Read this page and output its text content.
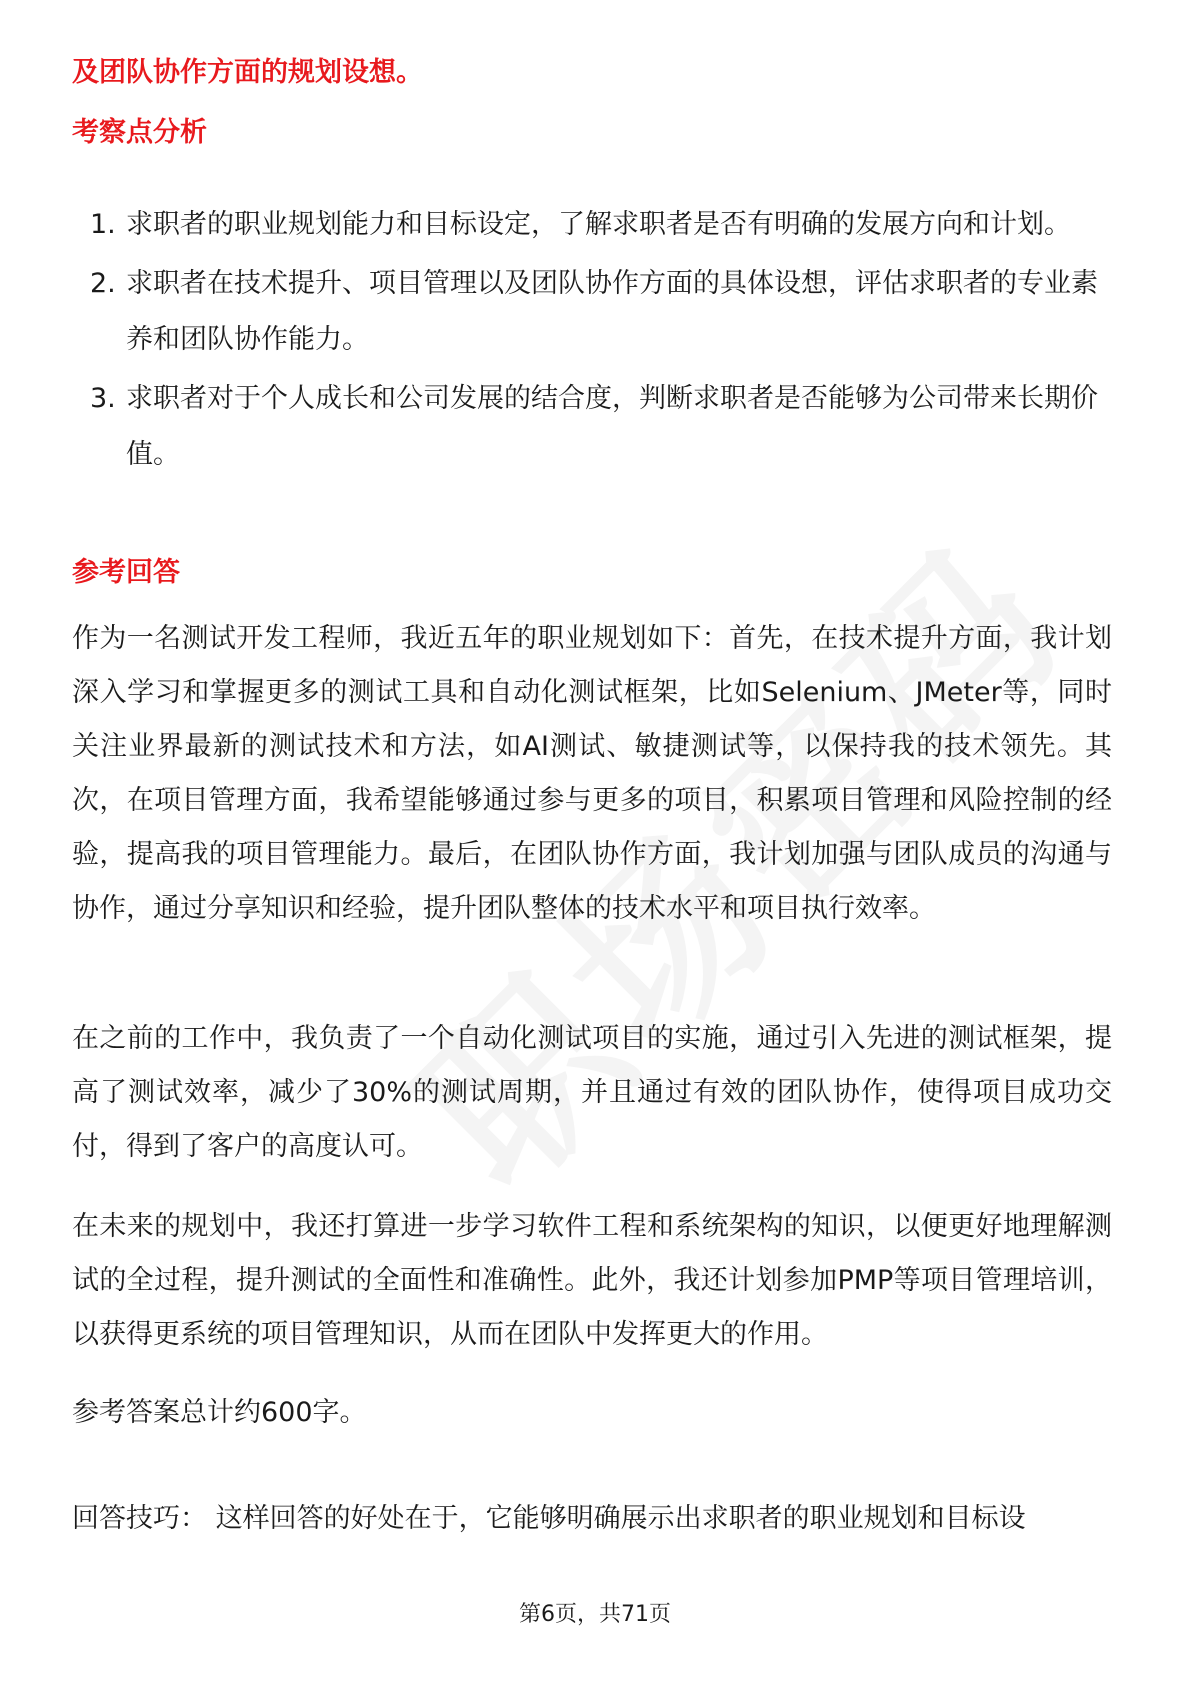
及团队协作方面的规划设想。
考察点分析
1. 求职者的职业规划能力和目标设定，了解求职者是否有明确的发展方向和计划。
2. 求职者在技术提升、项目管理以及团队协作方面的具体设想，评估求职者的专业素养和团队协作能力。
3. 求职者对于个人成长和公司发展的结合度，判断求职者是否能够为公司带来长期价值。
参考回答

作为一名测试开发工程师，我近五年的职业规划如下：首先，在技术提升方面，我计划深入学习和掌握更多的测试工具和自动化测试框架，比如Selenium、JMeter等，同时关注业界最新的测试技术和方法，如AI测试、敏捷测试等，以保持我的技术领先。其次，在项目管理方面，我希望能够通过参与更多的项目，积累项目管理和风险控制的经验，提高我的项目管理能力。最后，在团队协作方面，我计划加强与团队成员的沟通与协作，通过分享知识和经验，提升团队整体的技术水平和项目执行效率。

在之前的工作中，我负责了一个自动化测试项目的实施，通过引入先进的测试框架，提高了测试效率，减少了30%的测试周期，并且通过有效的团队协作，使得项目成功交付，得到了客户的高度认可。

在未来的规划中，我还打算进一步学习软件工程和系统架构的知识，以便更好地理解测试的全过程，提升测试的全面性和准确性。此外，我还计划参加PMP等项目管理培训，以获得更系统的项目管理知识，从而在团队中发挥更大的作用。

参考答案总计约600字。

回答技巧： 这样回答的好处在于，它能够明确展示出求职者的职业规划和目标设

第6页，共71页
